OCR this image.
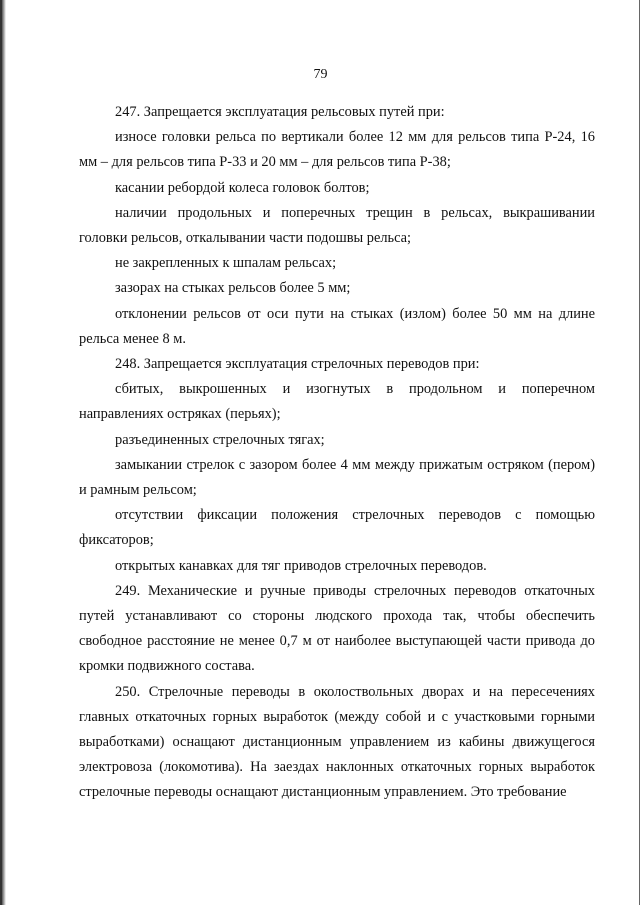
79

247. Запрещается эксплуатация рельсовых путей при:

износе головки рельса по вертикали более 12 мм для рельсов типа Р-24, 16 мм – для рельсов типа Р-33 и 20 мм – для рельсов типа Р-38;

касании ребордой колеса головок болтов;

наличии продольных и поперечных трещин в рельсах, выкрашивании головки рельсов, откалывании части подошвы рельса;

не закрепленных к шпалам рельсах;

зазорах на стыках рельсов более 5 мм;

отклонении рельсов от оси пути на стыках (излом) более 50 мм на длине рельса менее 8 м.

248. Запрещается эксплуатация стрелочных переводов при:

сбитых, выкрошенных и изогнутых в продольном и поперечном направлениях остряках (перьях);

разъединенных стрелочных тягах;

замыкании стрелок с зазором более 4 мм между прижатым остряком (пером) и рамным рельсом;

отсутствии фиксации положения стрелочных переводов с помощью фиксаторов;

открытых канавках для тяг приводов стрелочных переводов.

249. Механические и ручные приводы стрелочных переводов откаточных путей устанавливают со стороны людского прохода так, чтобы обеспечить свободное расстояние не менее 0,7 м от наиболее выступающей части привода до кромки подвижного состава.

250. Стрелочные переводы в околоствольных дворах и на пересечениях главных откаточных горных выработок (между собой и с участковыми горными выработками) оснащают дистанционным управлением из кабины движущегося электровоза (локомотива). На заездах наклонных откаточных горных выработок стрелочные переводы оснащают дистанционным управлением. Это требование
